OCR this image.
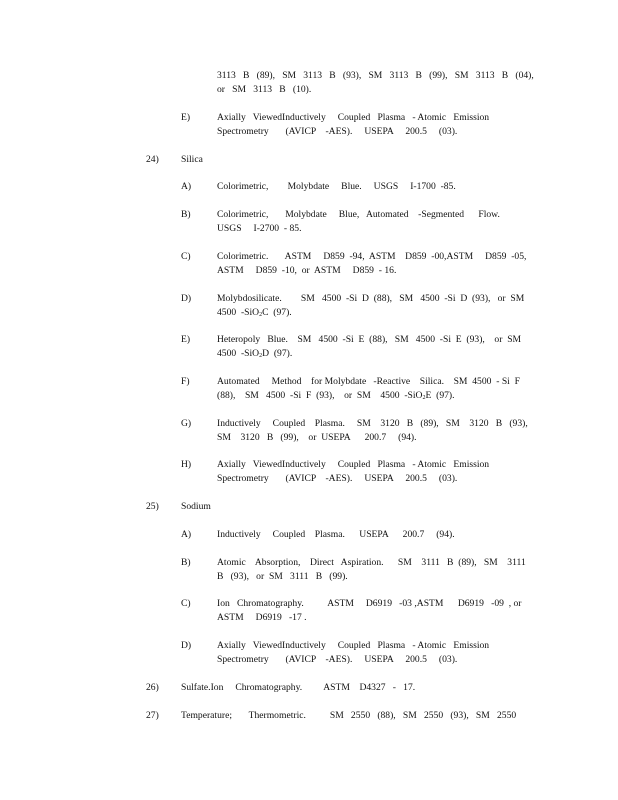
3113   B   (89),   SM   3113   B   (93),   SM   3113   B   (99),   SM   3113   B   (04),
or   SM   3113   B   (10).
E)	Axially   ViewedInductively     Coupled   Plasma   - Atomic   Emission
Spectrometry       (AVICP    -AES).     USEPA     200.5     (03).
24) Silica
A)	Colorimetric,        Molybdate     Blue.     USGS     I-1700  -85.
B)	Colorimetric,       Molybdate     Blue,   Automated    -Segmented      Flow.
USGS     I-2700  - 85.
C)	Colorimetric.       ASTM     D859  -94,  ASTM    D859  -00,ASTM     D859  -05,
ASTM     D859  -10,  or  ASTM     D859  - 16.
D)	Molybdosilicate.        SM   4500  -Si  D  (88),   SM   4500  -Si  D  (93),   or  SM
4500  -SiO$_2$C  (97).
E)	Heteropoly   Blue.    SM   4500  -Si  E  (88),   SM   4500  -Si  E  (93),    or  SM
4500  -SiO$_2$D  (97).
F)	Automated     Method    for Molybdate   -Reactive    Silica.    SM  4500  - Si  F
(88),    SM   4500  -Si  F  (93),    or  SM    4500  -SiO$_2$E  (97).
G)	Inductively     Coupled    Plasma.     SM    3120   B   (89),   SM    3120   B   (93),
SM    3120   B   (99),    or  USEPA      200.7     (94).
H)	Axially   ViewedInductively     Coupled   Plasma   - Atomic   Emission
Spectrometry       (AVICP    -AES).     USEPA     200.5     (03).
25) Sodium
A)	Inductively     Coupled    Plasma.      USEPA      200.7     (94).
B)	Atomic    Absorption,    Direct   Aspiration.      SM    3111   B  (89),   SM    3111
B   (93),   or  SM   3111   B   (99).
C)	Ion   Chromatography.          ASTM     D6919   -03 ,ASTM      D6919   -09  , or
ASTM     D6919   -17 .
D)	Axially   ViewedInductively     Coupled   Plasma   - Atomic   Emission
Spectrometry       (AVICP    -AES).     USEPA     200.5     (03).
26) Sulfate.Ion     Chromatography.         ASTM    D4327   -   17.
27) Temperature;       Thermometric.          SM   2550   (88),   SM   2550   (93),   SM   2550
